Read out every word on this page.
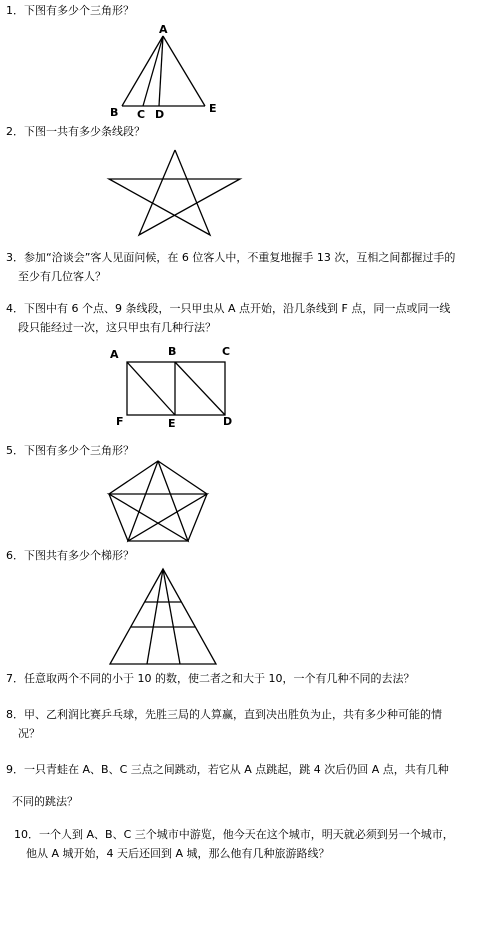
1．下图有多少个三角形？
A
B C D	E
2．下图一共有多少条线段？
3．参加“洽谈会”客人见面问候，在 6 位客人中，不重复地握手 13 次，互相之间都握过手的
至少有几位客人？
4．下图中有 6 个点、9 条线段，一只甲虫从 A 点开始，沿几条线到 F 点，同一点或同一线
段只能经过一次，这只甲虫有几种行法？
A	B	C
F	E	D
5．下图有多少个三角形？
6．下图共有多少个梯形？
7．任意取两个不同的小于 10 的数，使二者之和大于 10，一个有几种不同的去法？
8．甲、乙利润比赛乒乓球，先胜三局的人算赢，直到决出胜负为止，共有多少种可能的情
况？
9．一只青蛙在 A、B、C 三点之间跳动，若它从 A 点跳起，跳 4 次后仍回 A 点，共有几种
不同的跳法？
10．一个人到 A、B、C 三个城市中游览，他今天在这个城市，明天就必须到另一个城市，
他从 A 城开始，4 天后还回到 A 城，那么他有几种旅游路线？
